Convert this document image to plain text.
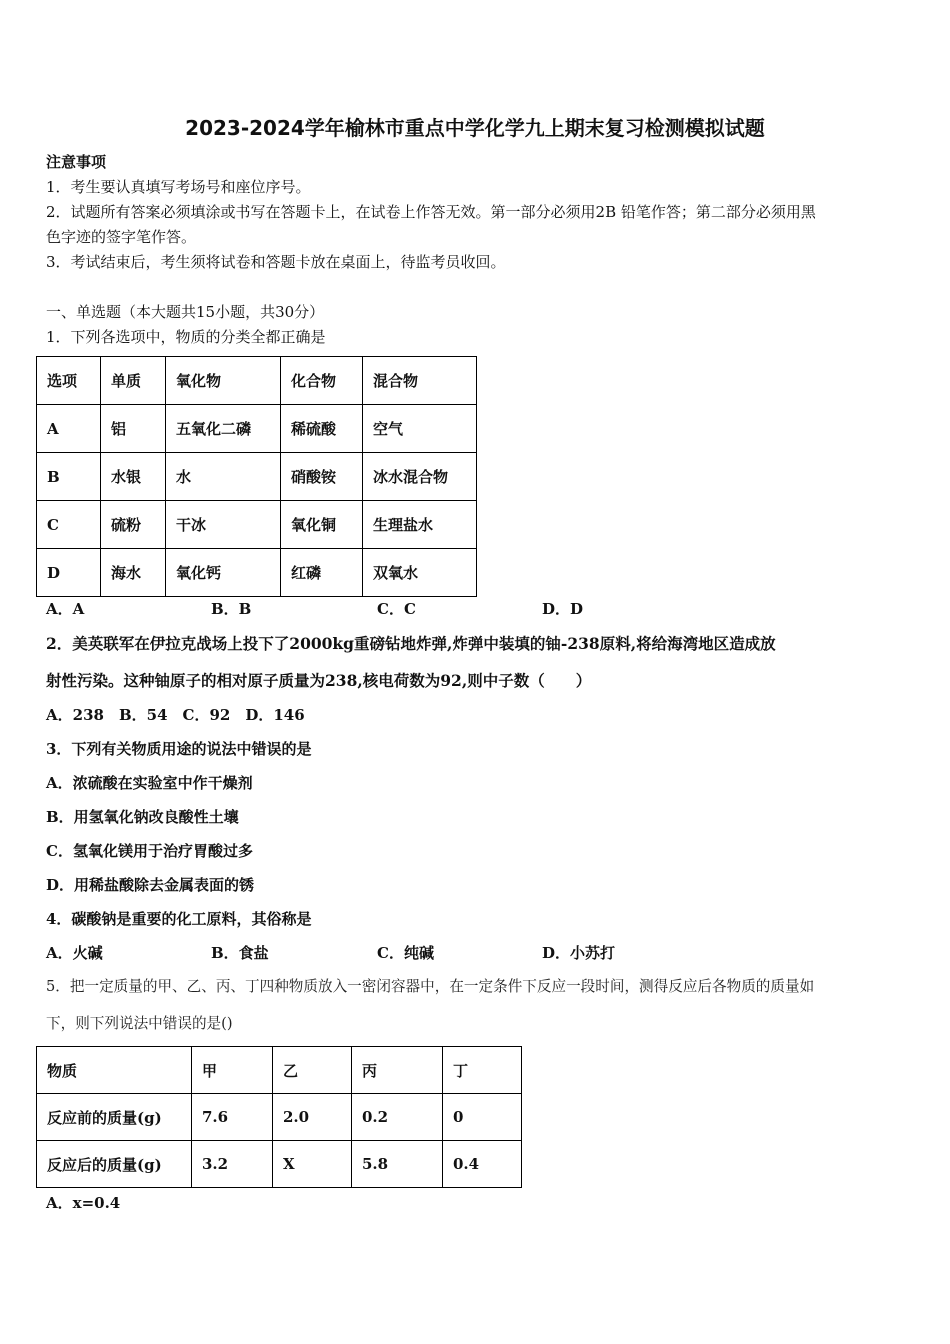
2023-2024学年榆林市重点中学化学九上期末复习检测模拟试题
注意事项
1．考生要认真填写考场号和座位序号。
2．试题所有答案必须填涂或书写在答题卡上，在试卷上作答无效。第一部分必须用2B 铅笔作答；第二部分必须用黑
色字迹的签字笔作答。
3．考试结束后，考生须将试卷和答题卡放在桌面上，待监考员收回。
一、单选题（本大题共15小题，共30分）
1．下列各选项中，物质的分类全都正确是
选项	单质	氧化物	化合物	混合物
A	铝	五氧化二磷	稀硫酸	空气
B	水银	水	硝酸铵	冰水混合物
C	硫粉	干冰	氧化铜	生理盐水
D	海水	氧化钙	红磷	双氧水
A．A	B．B	C．C	D．D
2．美英联军在伊拉克战场上投下了2000kg重磅钻地炸弹,炸弹中装填的铀-238原料,将给海湾地区造成放
射性污染。这种铀原子的相对原子质量为238,核电荷数为92,则中子数（　　）
A．238　B．54　C．92　D．146
3．下列有关物质用途的说法中错误的是
A．浓硫酸在实验室中作干燥剂
B．用氢氧化钠改良酸性土壤
C．氢氧化镁用于治疗胃酸过多
D．用稀盐酸除去金属表面的锈
4．碳酸钠是重要的化工原料，其俗称是
A．火碱	B．食盐	C．纯碱	D．小苏打
5．把一定质量的甲、乙、丙、丁四种物质放入一密闭容器中，在一定条件下反应一段时间，测得反应后各物质的质量如
下，则下列说法中错误的是()
物质	甲	乙	丙	丁
反应前的质量(g)	7.6	2.0	0.2	0
反应后的质量(g)	3.2	X	5.8	0.4
A．x=0.4
